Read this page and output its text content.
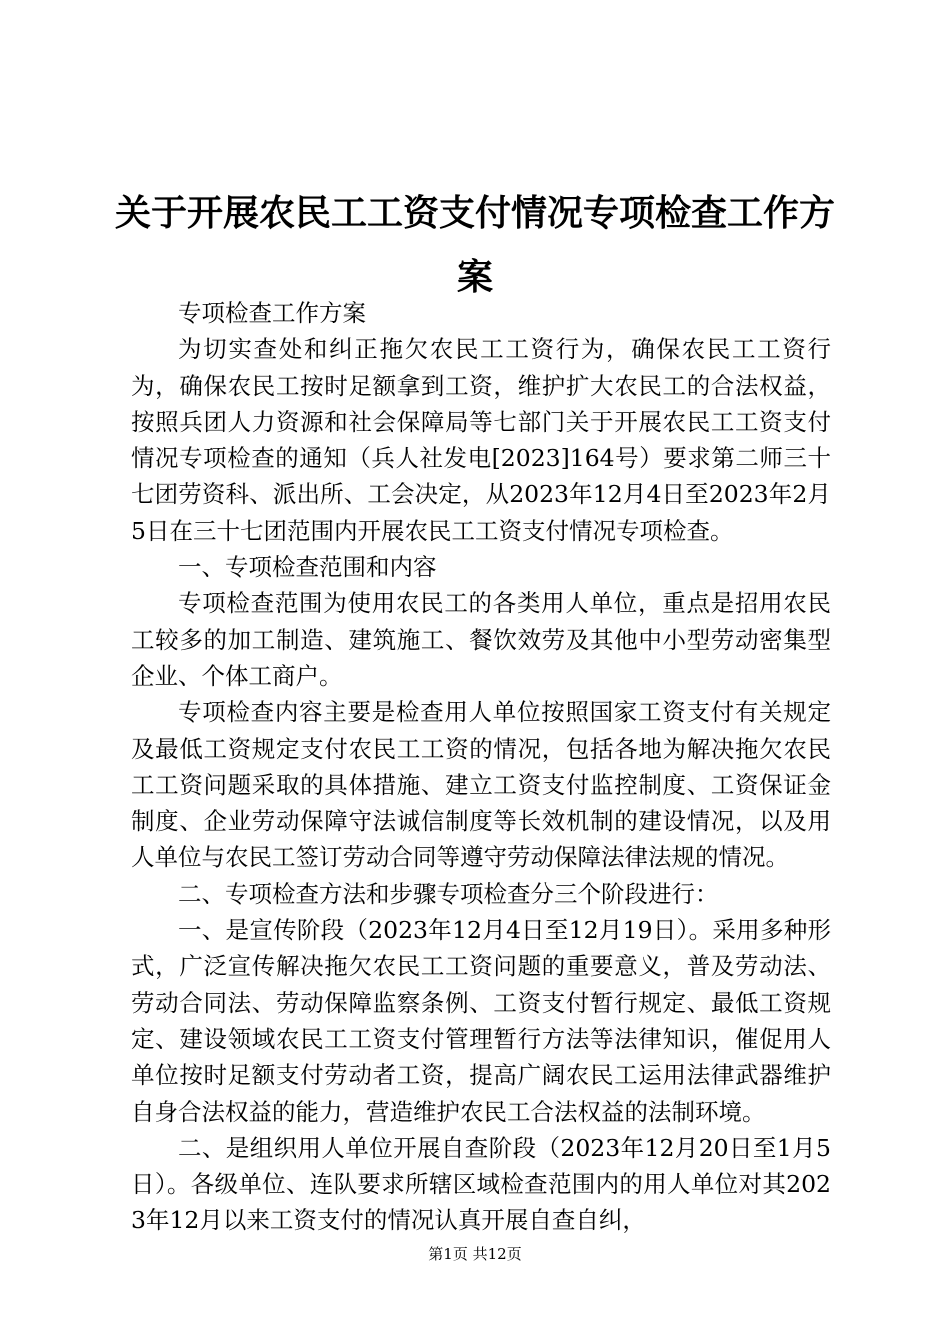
关于开展农民工工资支付情况专项检查工作方案

专项检查工作方案

为切实查处和纠正拖欠农民工工资行为，确保农民工工资行为，确保农民工按时足额拿到工资，维护扩大农民工的合法权益，按照兵团人力资源和社会保障局等七部门关于开展农民工工资支付情况专项检查的通知（兵人社发电[2023]164号）要求第二师三十七团劳资科、派出所、工会决定，从2023年12月4日至2023年2月5日在三十七团范围内开展农民工工资支付情况专项检查。

一、专项检查范围和内容

专项检查范围为使用农民工的各类用人单位，重点是招用农民工较多的加工制造、建筑施工、餐饮效劳及其他中小型劳动密集型企业、个体工商户。

专项检查内容主要是检查用人单位按照国家工资支付有关规定及最低工资规定支付农民工工资的情况，包括各地为解决拖欠农民工工资问题采取的具体措施、建立工资支付监控制度、工资保证金制度、企业劳动保障守法诚信制度等长效机制的建设情况，以及用人单位与农民工签订劳动合同等遵守劳动保障法律法规的情况。

二、专项检查方法和步骤专项检查分三个阶段进行：

一、是宣传阶段（2023年12月4日至12月19日）。采用多种形式，广泛宣传解决拖欠农民工工资问题的重要意义，普及劳动法、劳动合同法、劳动保障监察条例、工资支付暂行规定、最低工资规定、建设领域农民工工资支付管理暂行方法等法律知识，催促用人单位按时足额支付劳动者工资，提高广阔农民工运用法律武器维护自身合法权益的能力，营造维护农民工合法权益的法制环境。

二、是组织用人单位开展自查阶段（2023年12月20日至1月5日）。各级单位、连队要求所辖区域检查范围内的用人单位对其2023年12月以来工资支付的情况认真开展自查自纠，

第1页 共12页
